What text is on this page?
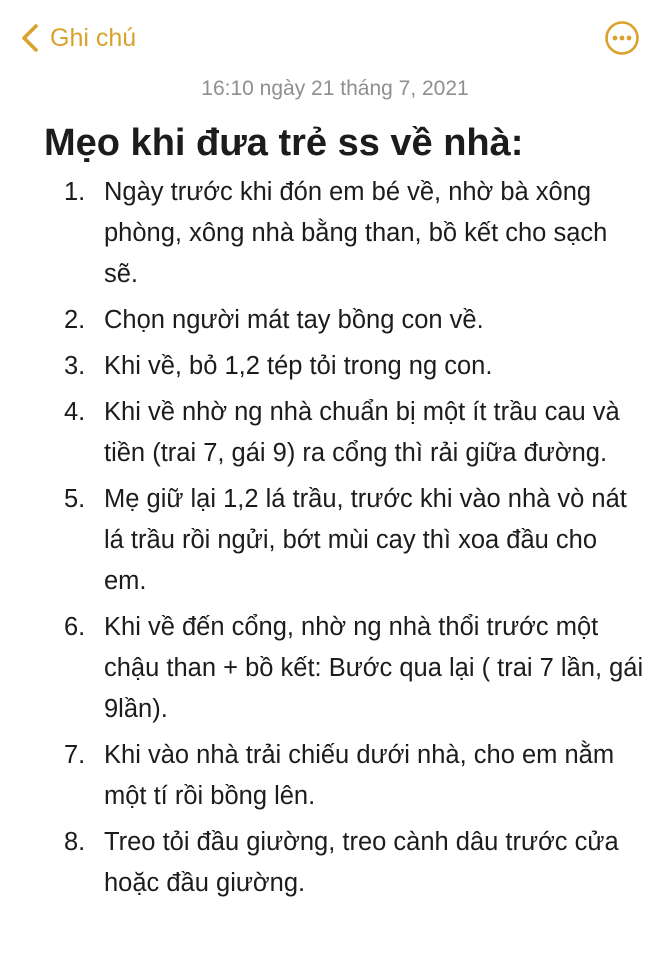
Ghi chú
16:10 ngày 21 tháng 7, 2021
Mẹo khi đưa trẻ ss về nhà:
1. Ngày trước khi đón em bé về, nhờ bà xông phòng, xông nhà bằng than, bồ kết cho sạch sẽ.
2. Chọn người mát tay bồng con về.
3. Khi về, bỏ 1,2 tép tỏi trong ng con.
4. Khi về nhờ ng nhà chuẩn bị một ít trầu cau và tiền (trai 7, gái 9) ra cổng thì rải giữa đường.
5. Mẹ giữ lại 1,2 lá trầu, trước khi vào nhà vò nát lá trầu rồi ngửi, bớt mùi cay thì xoa đầu cho em.
6. Khi về đến cổng, nhờ ng nhà thổi trước một chậu than + bồ kết: Bước qua lại ( trai 7 lần, gái 9lần).
7. Khi vào nhà trải chiếu dưới nhà, cho em nằm một tí rồi bồng lên.
8. Treo tỏi đầu giường, treo cành dâu trước cửa hoặc đầu giường.
